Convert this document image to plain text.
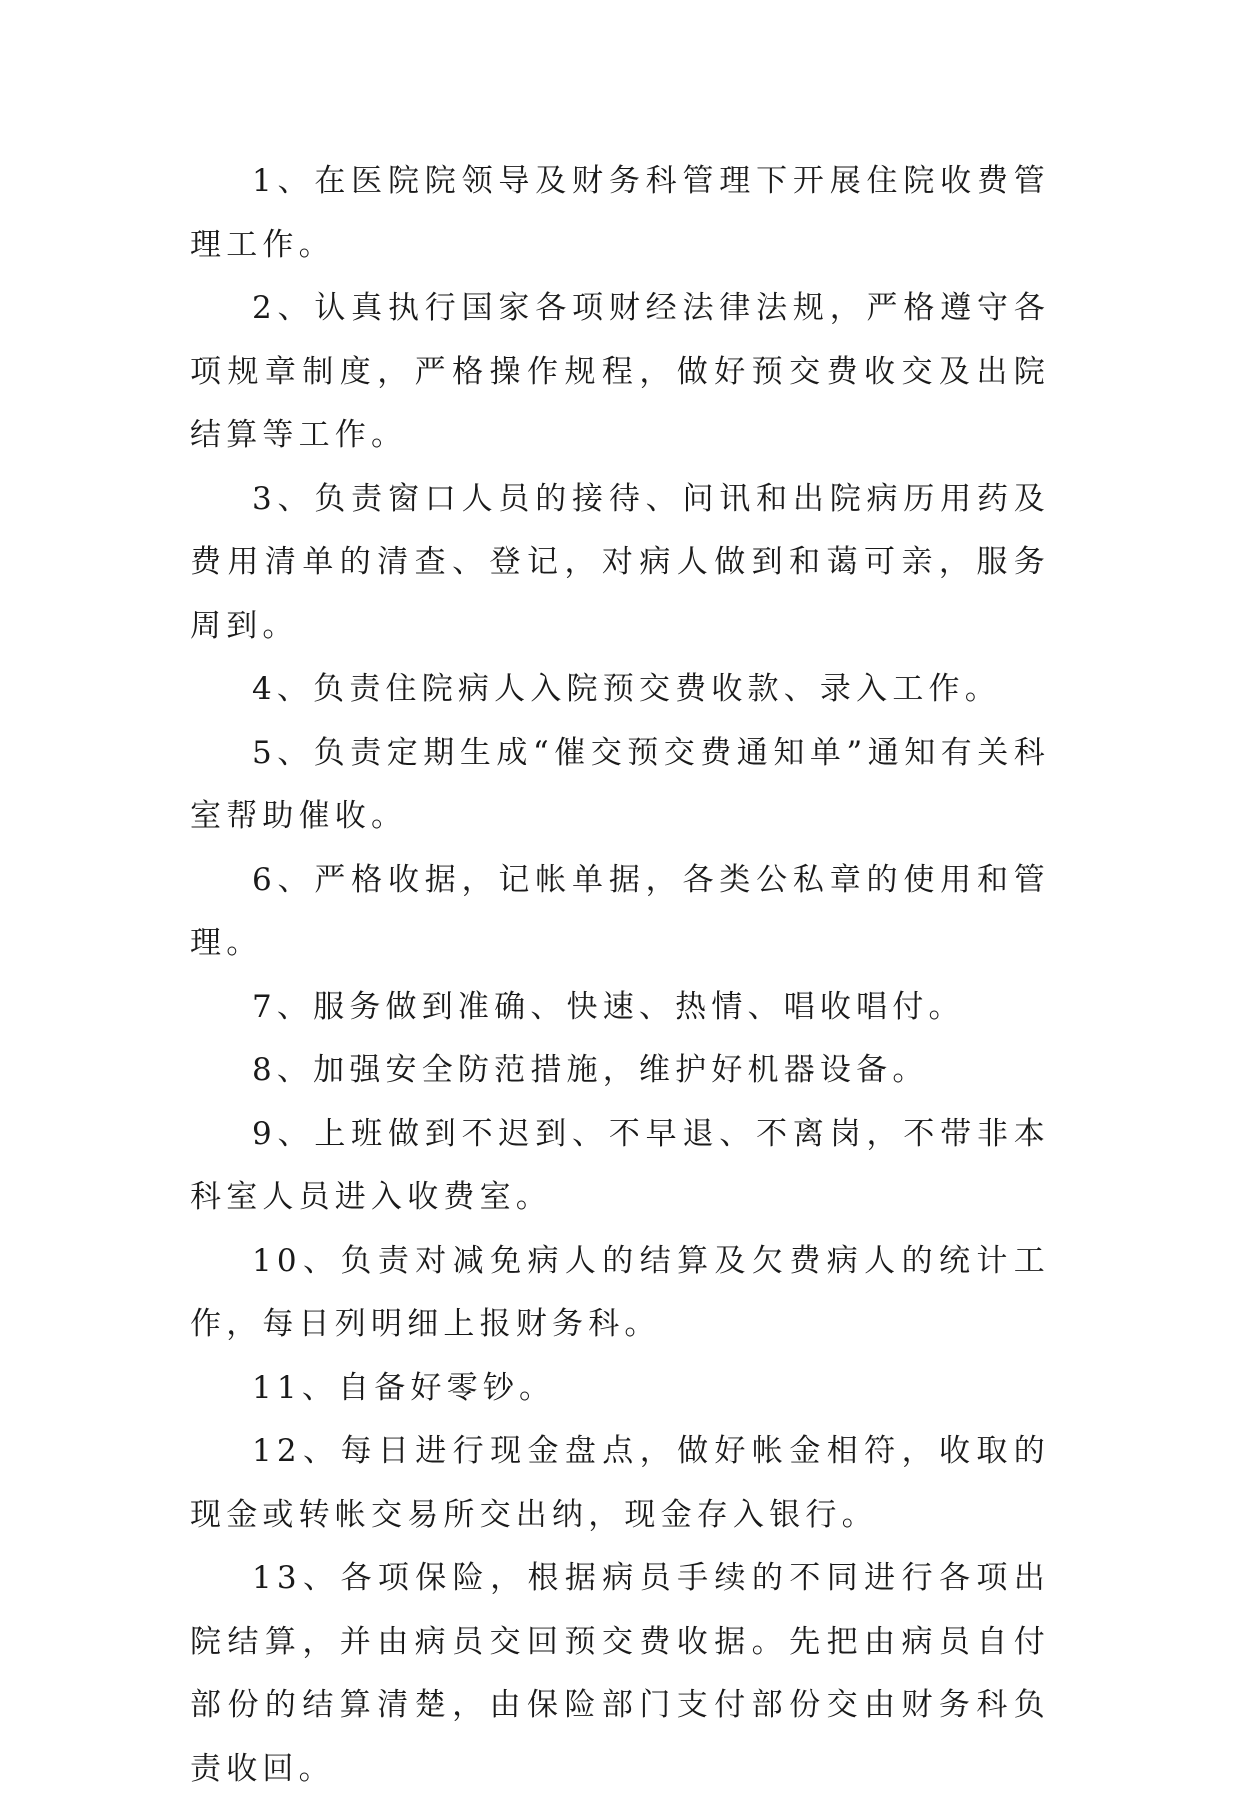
1、在医院院领导及财务科管理下开展住院收费管理工作。

2、认真执行国家各项财经法律法规，严格遵守各项规章制度，严格操作规程，做好预交费收交及出院结算等工作。

3、负责窗口人员的接待、问讯和出院病历用药及费用清单的清查、登记，对病人做到和蔼可亲，服务周到。

4、负责住院病人入院预交费收款、录入工作。

5、负责定期生成“催交预交费通知单”通知有关科室帮助催收。

6、严格收据，记帐单据，各类公私章的使用和管理。

7、服务做到准确、快速、热情、唱收唱付。

8、加强安全防范措施，维护好机器设备。

9、上班做到不迟到、不早退、不离岗，不带非本科室人员进入收费室。

10、负责对减免病人的结算及欠费病人的统计工作，每日列明细上报财务科。

11、自备好零钞。

12、每日进行现金盘点，做好帐金相符，收取的现金或转帐交易所交出纳，现金存入银行。

13、各项保险，根据病员手续的不同进行各项出院结算，并由病员交回预交费收据。先把由病员自付部份的结算清楚，由保险部门支付部份交由财务科负责收回。
